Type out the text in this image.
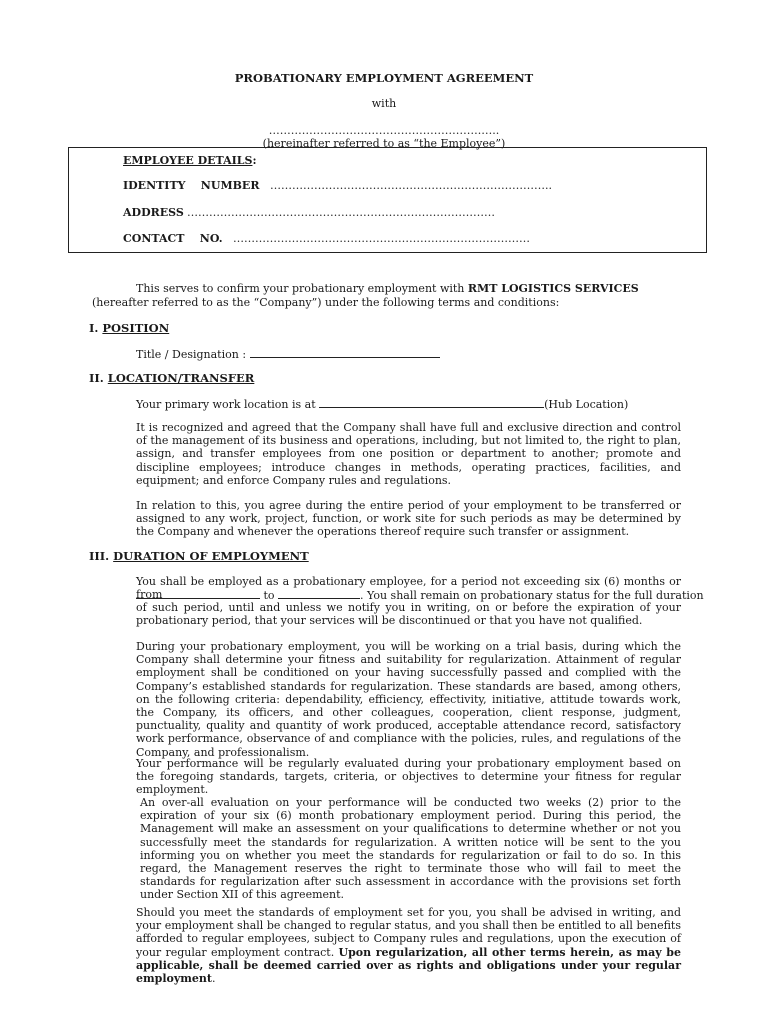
PROBATIONARY EMPLOYMENT AGREEMENT
with
………………………………………………….…..
(hereinafter referred to as “the Employee”)
EMPLOYEE DETAILS:
IDENTITY    NUMBER …………………………………………………………………..
ADDRESS …………………………………………………………………………
CONTACT    NO. ………………………………………………………………………
This serves to confirm your probationary employment with RMT LOGISTICS SERVICES
(hereafter referred to as the “Company”) under the following terms and conditions:
I. POSITION
Title / Designation :
II. LOCATION/TRANSFER
Your primary work location is at	(Hub Location)
It is recognized and agreed that the Company shall have full and exclusive direction and control of the management of its business and operations, including, but not limited to, the right to plan, assign, and transfer employees from one position or department to another; promote and discipline employees; introduce changes in methods, operating practices, facilities, and equipment; and enforce Company rules and regulations.
In relation to this, you agree during the entire period of your employment to be transferred or assigned to any work, project, function, or work site for such periods as may be determined by the Company and whenever the operations thereof require such transfer or assignment.
III. DURATION OF EMPLOYMENT
You shall be employed as a probationary employee, for a period not exceeding six (6) months or from	to	. You shall remain on probationary status for the full duration
of such period, until and unless we notify you in writing, on or before the expiration of your probationary period, that your services will be discontinued or that you have not qualified.
During your probationary employment, you will be working on a trial basis, during which the Company shall determine your fitness and suitability for regularization. Attainment of regular employment shall be conditioned on your having successfully passed and complied with the Company’s established standards for regularization. These standards are based, among others, on the following criteria: dependability, efficiency, effectivity, initiative, attitude towards work, the Company, its officers, and other colleagues, cooperation, client response, judgment, punctuality, quality and quantity of work produced, acceptable attendance record, satisfactory work performance, observance of and compliance with the policies, rules, and regulations of the Company, and professionalism.
Your performance will be regularly evaluated during your probationary employment based on the foregoing standards, targets, criteria, or objectives to determine your fitness for regular employment.
An over-all evaluation on your performance will be conducted two weeks (2) prior to the expiration of your six (6) month probationary employment period. During this period, the Management will make an assessment on your qualifications to determine whether or not you successfully meet the standards for regularization. A written notice will be sent to the you informing you on whether you meet the standards for regularization or fail to do so. In this regard, the Management reserves the right to terminate those who will fail to meet the standards for regularization after such assessment in accordance with the provisions set forth under Section XII of this agreement.
Should you meet the standards of employment set for you, you shall be advised in writing, and your employment shall be changed to regular status, and you shall then be entitled to all benefits afforded to regular employees, subject to Company rules and regulations, upon the execution of your regular employment contract. Upon regularization, all other terms herein, as may be applicable, shall be deemed carried over as rights and obligations under your regular employment.
